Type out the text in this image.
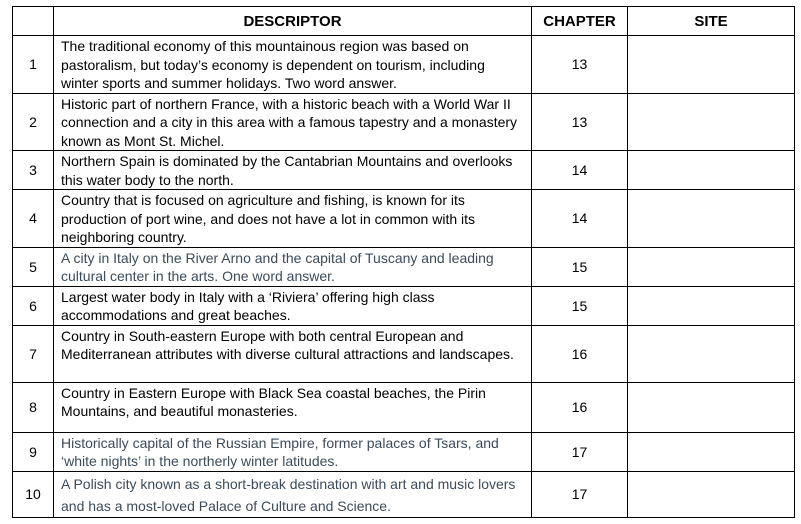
	DESCRIPTOR	CHAPTER	SITE
1	The traditional economy of this mountainous region was based on pastoralism, but today’s economy is dependent on tourism, including winter sports and summer holidays. Two word answer.	13	
2	Historic part of northern France, with a historic beach with a World War II connection and a city in this area with a famous tapestry and a monastery known as Mont St. Michel.	13	
3	Northern Spain is dominated by the Cantabrian Mountains and overlooks this water body to the north.	14	
4	Country that is focused on agriculture and fishing, is known for its production of port wine, and does not have a lot in common with its neighboring country.	14	
5	A city in Italy on the River Arno and the capital of Tuscany and leading cultural center in the arts. One word answer.	15	
6	Largest water body in Italy with a ‘Riviera’ offering high class accommodations and great beaches.	15	
7	Country in South-eastern Europe with both central European and Mediterranean attributes with diverse cultural attractions and landscapes.	16	
8	Country in Eastern Europe with Black Sea coastal beaches, the Pirin Mountains, and beautiful monasteries.	16	
9	Historically capital of the Russian Empire, former palaces of Tsars, and ‘white nights’ in the northerly winter latitudes.	17	
10	A Polish city known as a short-break destination with art and music lovers and has a most-loved Palace of Culture and Science.	17	
